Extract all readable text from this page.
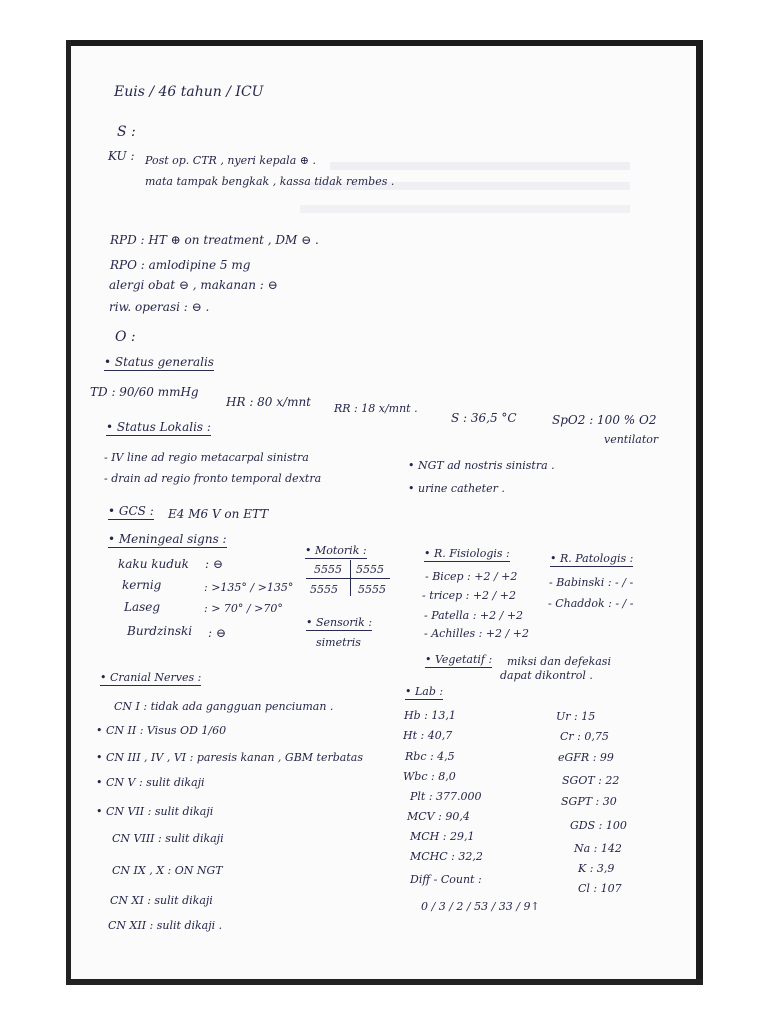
Euis / 46 tahun / ICU
S :
KU : Post op. CTR , nyeri kepala ⊕ .
mata tampak bengkak , kassa tidak rembes .
RPD : HT ⊕ on treatment , DM ⊖ .
RPO : amlodipine 5 mg
alergi obat ⊖ , makanan : ⊖
riw. operasi : ⊖ .
O :
• Status generalis
TD : 90/60 mmHg
HR : 80 x/mnt RR : 18 x/mnt .
S : 36,5 °C	SpO2 : 100 % O2
ventilator
• Status Lokalis :
- IV line ad regio metacarpal sinistra
- drain ad regio fronto temporal dextra
• NGT ad nostris sinistra .
• urine catheter .
• GCS : E4 M6 V on ETT
• Meningeal signs :
kaku kuduk : ⊖
kernig	: >135° / >135°
Laseg	: > 70° / >70°
Burdzinski : ⊖
• Motorik :
5555 5555
5555 5555
• Sensorik :
simetris
• R. Fisiologis :
- Bicep : +2 / +2
- tricep : +2 / +2
- Patella : +2 / +2
- Achilles : +2 / +2
• R. Patologis :
- Babinski : - / -
- Chaddok : - / -
• Vegetatif : miksi dan defekasi
dapat dikontrol .
• Cranial Nerves :
CN I : tidak ada gangguan penciuman .
• CN II : Visus OD 1/60
• CN III , IV , VI : paresis kanan , GBM terbatas
• CN V : sulit dikaji
• CN VII : sulit dikaji
CN VIII : sulit dikaji
CN IX , X : ON NGT
CN XI : sulit dikaji
CN XII : sulit dikaji .
• Lab :
Hb : 13,1
Ht : 40,7
Rbc : 4,5
Wbc : 8,0
Plt : 377.000
MCV : 90,4
MCH : 29,1
MCHC : 32,2
Diff - Count :
0 / 3 / 2 / 53 / 33 / 9↑
Ur : 15
Cr : 0,75
eGFR : 99
SGOT : 22
SGPT : 30
GDS : 100
Na : 142
K : 3,9
Cl : 107
